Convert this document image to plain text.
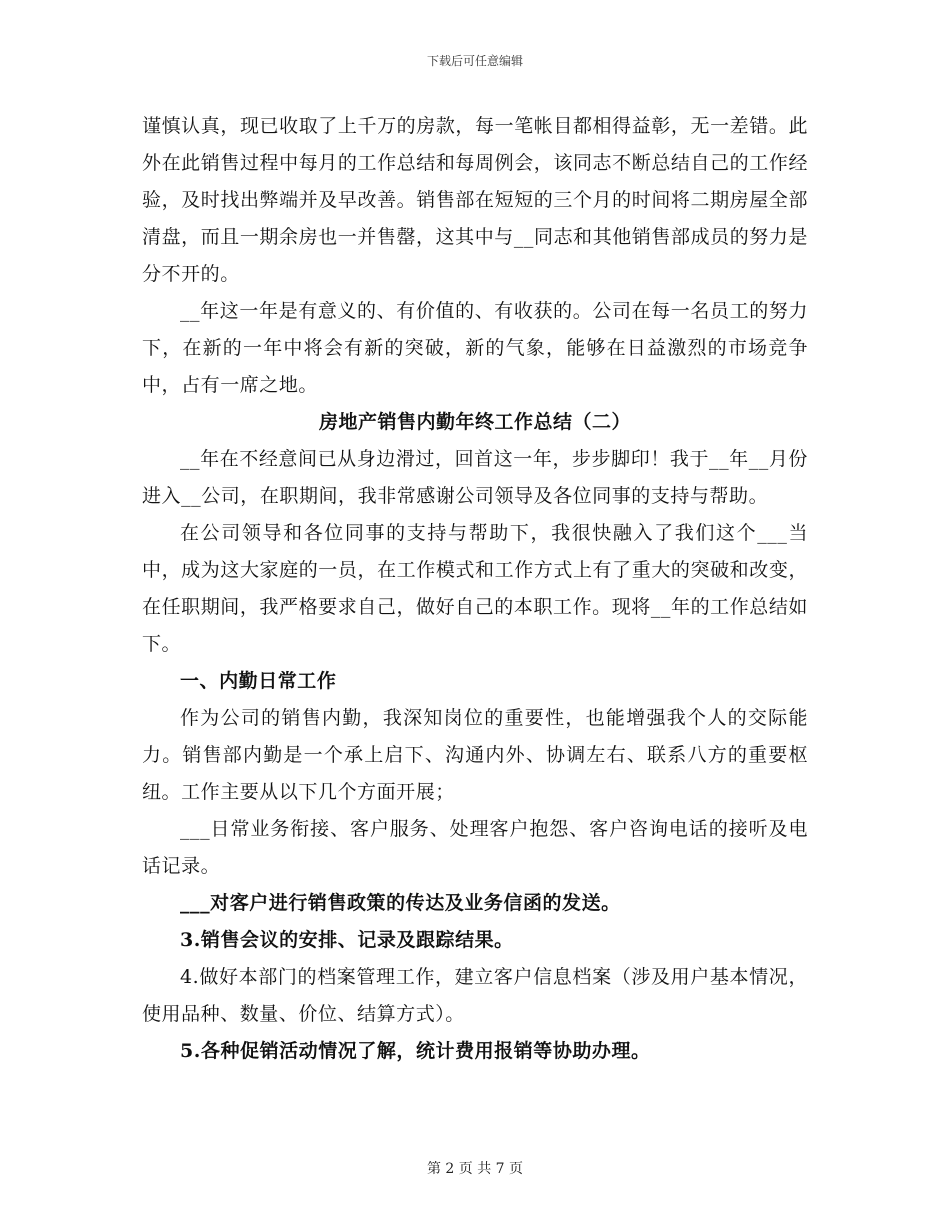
下载后可任意编辑

谨慎认真，现已收取了上千万的房款，每一笔帐目都相得益彰，无一差错。此外在此销售过程中每月的工作总结和每周例会，该同志不断总结自己的工作经验，及时找出弊端并及早改善。销售部在短短的三个月的时间将二期房屋全部清盘，而且一期余房也一并售罄，这其中与__同志和其他销售部成员的努力是分不开的。

__年这一年是有意义的、有价值的、有收获的。公司在每一名员工的努力下，在新的一年中将会有新的突破，新的气象，能够在日益激烈的市场竞争中，占有一席之地。

房地产销售内勤年终工作总结（二）

__年在不经意间已从身边滑过，回首这一年，步步脚印！我于__年__月份进入__公司，在职期间，我非常感谢公司领导及各位同事的支持与帮助。

在公司领导和各位同事的支持与帮助下，我很快融入了我们这个___当中，成为这大家庭的一员，在工作模式和工作方式上有了重大的突破和改变，在任职期间，我严格要求自己，做好自己的本职工作。现将__年的工作总结如下。

一、内勤日常工作

作为公司的销售内勤，我深知岗位的重要性，也能增强我个人的交际能力。销售部内勤是一个承上启下、沟通内外、协调左右、联系八方的重要枢纽。工作主要从以下几个方面开展；

___日常业务衔接、客户服务、处理客户抱怨、客户咨询电话的接听及电话记录。

___对客户进行销售政策的传达及业务信函的发送。

3.销售会议的安排、记录及跟踪结果。

4.做好本部门的档案管理工作，建立客户信息档案（涉及用户基本情况，使用品种、数量、价位、结算方式）。

5.各种促销活动情况了解，统计费用报销等协助办理。

第 2 页 共 7 页
